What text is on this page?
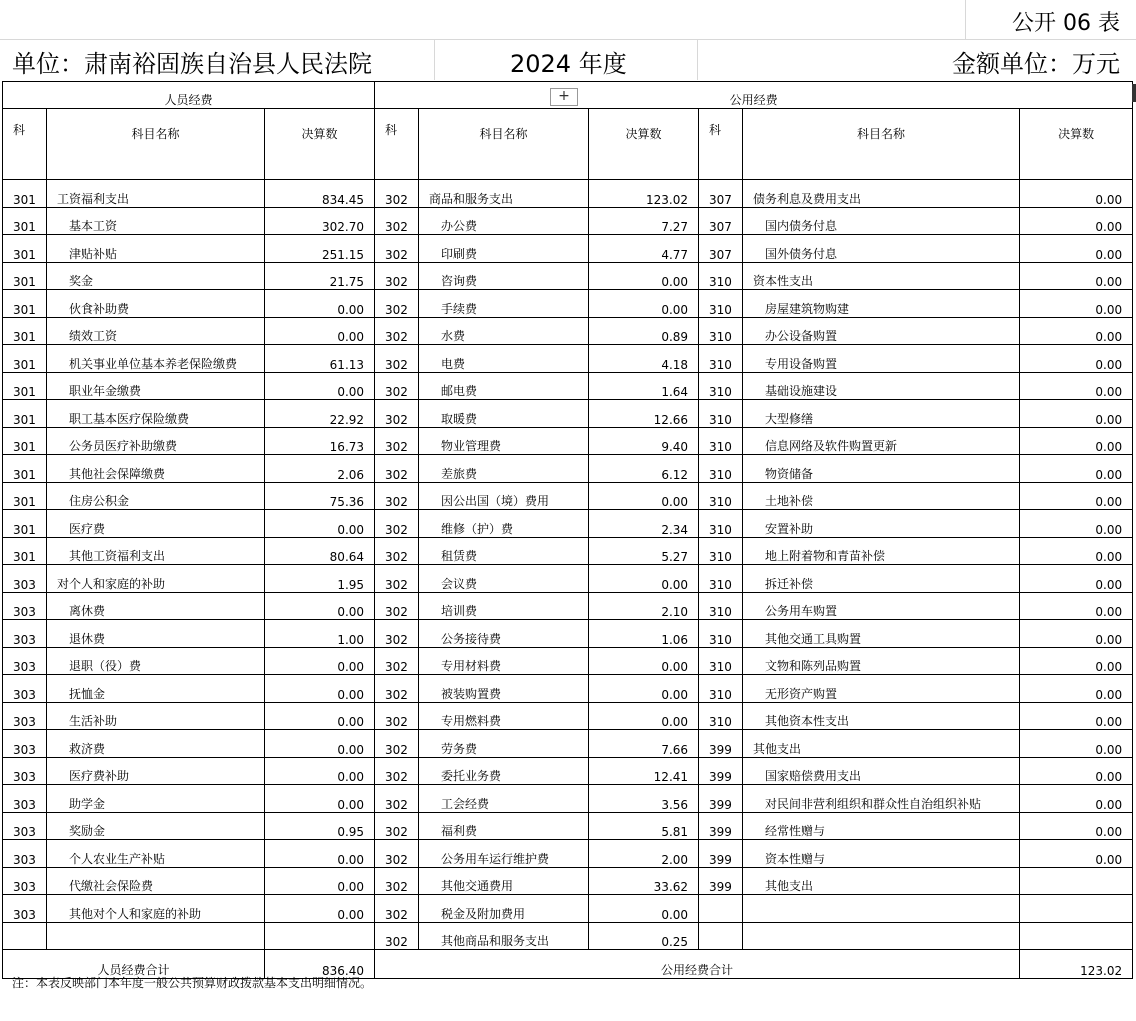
公开 06 表
单位：肃南裕固族自治县人民法院	2024 年度	金额单位：万元
人员经费			公用经费					
科	科目名称	决算数	科	科目名称	决算数	科	科目名称	决算数
301	工资福利支出	834.45	302	商品和服务支出	123.02	307	债务利息及费用支出	0.00
301	基本工资	302.70	302	办公费	7.27	307	国内债务付息	0.00
301	津贴补贴	251.15	302	印刷费	4.77	307	国外债务付息	0.00
301	奖金	21.75	302	咨询费	0.00	310	资本性支出	0.00
301	伙食补助费	0.00	302	手续费	0.00	310	房屋建筑物购建	0.00
301	绩效工资	0.00	302	水费	0.89	310	办公设备购置	0.00
301	机关事业单位基本养老保险缴费	61.13	302	电费	4.18	310	专用设备购置	0.00
301	职业年金缴费	0.00	302	邮电费	1.64	310	基础设施建设	0.00
301	职工基本医疗保险缴费	22.92	302	取暖费	12.66	310	大型修缮	0.00
301	公务员医疗补助缴费	16.73	302	物业管理费	9.40	310	信息网络及软件购置更新	0.00
301	其他社会保障缴费	2.06	302	差旅费	6.12	310	物资储备	0.00
301	住房公积金	75.36	302	因公出国（境）费用	0.00	310	土地补偿	0.00
301	医疗费	0.00	302	维修（护）费	2.34	310	安置补助	0.00
301	其他工资福利支出	80.64	302	租赁费	5.27	310	地上附着物和青苗补偿	0.00
303	对个人和家庭的补助	1.95	302	会议费	0.00	310	拆迁补偿	0.00
303	离休费	0.00	302	培训费	2.10	310	公务用车购置	0.00
303	退休费	1.00	302	公务接待费	1.06	310	其他交通工具购置	0.00
303	退职（役）费	0.00	302	专用材料费	0.00	310	文物和陈列品购置	0.00
303	抚恤金	0.00	302	被装购置费	0.00	310	无形资产购置	0.00
303	生活补助	0.00	302	专用燃料费	0.00	310	其他资本性支出	0.00
303	救济费	0.00	302	劳务费	7.66	399	其他支出	0.00
303	医疗费补助	0.00	302	委托业务费	12.41	399	国家赔偿费用支出	0.00
303	助学金	0.00	302	工会经费	3.56	399	对民间非营利组织和群众性自治组织补贴	0.00
303	奖励金	0.95	302	福利费	5.81	399	经常性赠与	0.00
303	个人农业生产补贴	0.00	302	公务用车运行维护费	2.00	399	资本性赠与	0.00
303	代缴社会保险费	0.00	302	其他交通费用	33.62	399	其他支出	
303	其他对个人和家庭的补助	0.00	302	税金及附加费用	0.00			
			302	其他商品和服务支出	0.25			
人员经费合计		836.40	公用经费合计					123.02
+
注：本表反映部门本年度一般公共预算财政拨款基本支出明细情况。
